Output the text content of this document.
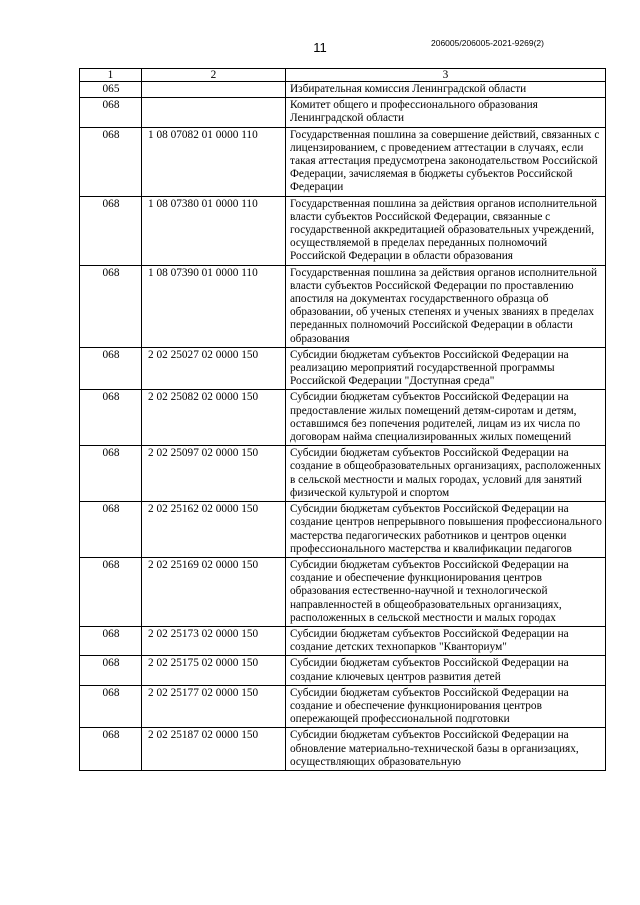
11	206005/206005-2021-9269(2)
1	2	3
065		Избирательная комиссия Ленинградской области
068		Комитет общего и профессионального образования Ленинградской области
068	1 08 07082 01 0000 110	Государственная пошлина за совершение действий, связанных с лицензированием, с проведением аттестации в случаях, если такая аттестация предусмотрена законодательством Российской Федерации, зачисляемая в бюджеты субъектов Российской Федерации
068	1 08 07380 01 0000 110	Государственная пошлина за действия органов исполнительной власти субъектов Российской Федерации, связанные с государственной аккредитацией образовательных учреждений, осуществляемой в пределах переданных полномочий Российской Федерации в области образования
068	1 08 07390 01 0000 110	Государственная пошлина за действия органов исполнительной власти субъектов Российской Федерации по проставлению апостиля на документах государственного образца об образовании, об ученых степенях и ученых званиях в пределах переданных полномочий Российской Федерации в области образования
068	2 02 25027 02 0000 150	Субсидии бюджетам субъектов Российской Федерации на реализацию мероприятий государственной программы Российской Федерации "Доступная среда"
068	2 02 25082 02 0000 150	Субсидии бюджетам субъектов Российской Федерации на предоставление жилых помещений детям-сиротам и детям, оставшимся без попечения родителей, лицам из их числа по договорам найма специализированных жилых помещений
068	2 02 25097 02 0000 150	Субсидии бюджетам субъектов Российской Федерации на создание в общеобразовательных организациях, расположенных в сельской местности и малых городах, условий для занятий физической культурой и спортом
068	2 02 25162 02 0000 150	Субсидии бюджетам субъектов Российской Федерации на создание центров непрерывного повышения профессионального мастерства педагогических работников и центров оценки профессионального мастерства и квалификации педагогов
068	2 02 25169 02 0000 150	Субсидии бюджетам субъектов Российской Федерации на создание и обеспечение функционирования центров образования естественно-научной и технологической направленностей в общеобразовательных организациях, расположенных в сельской местности и малых городах
068	2 02 25173 02 0000 150	Субсидии бюджетам субъектов Российской Федерации на создание детских технопарков "Кванториум"
068	2 02 25175 02 0000 150	Субсидии бюджетам субъектов Российской Федерации на создание ключевых центров развития детей
068	2 02 25177 02 0000 150	Субсидии бюджетам субъектов Российской Федерации на создание и обеспечение функционирования центров опережающей профессиональной подготовки
068	2 02 25187 02 0000 150	Субсидии бюджетам субъектов Российской Федерации на обновление материально-технической базы в организациях, осуществляющих образовательную
